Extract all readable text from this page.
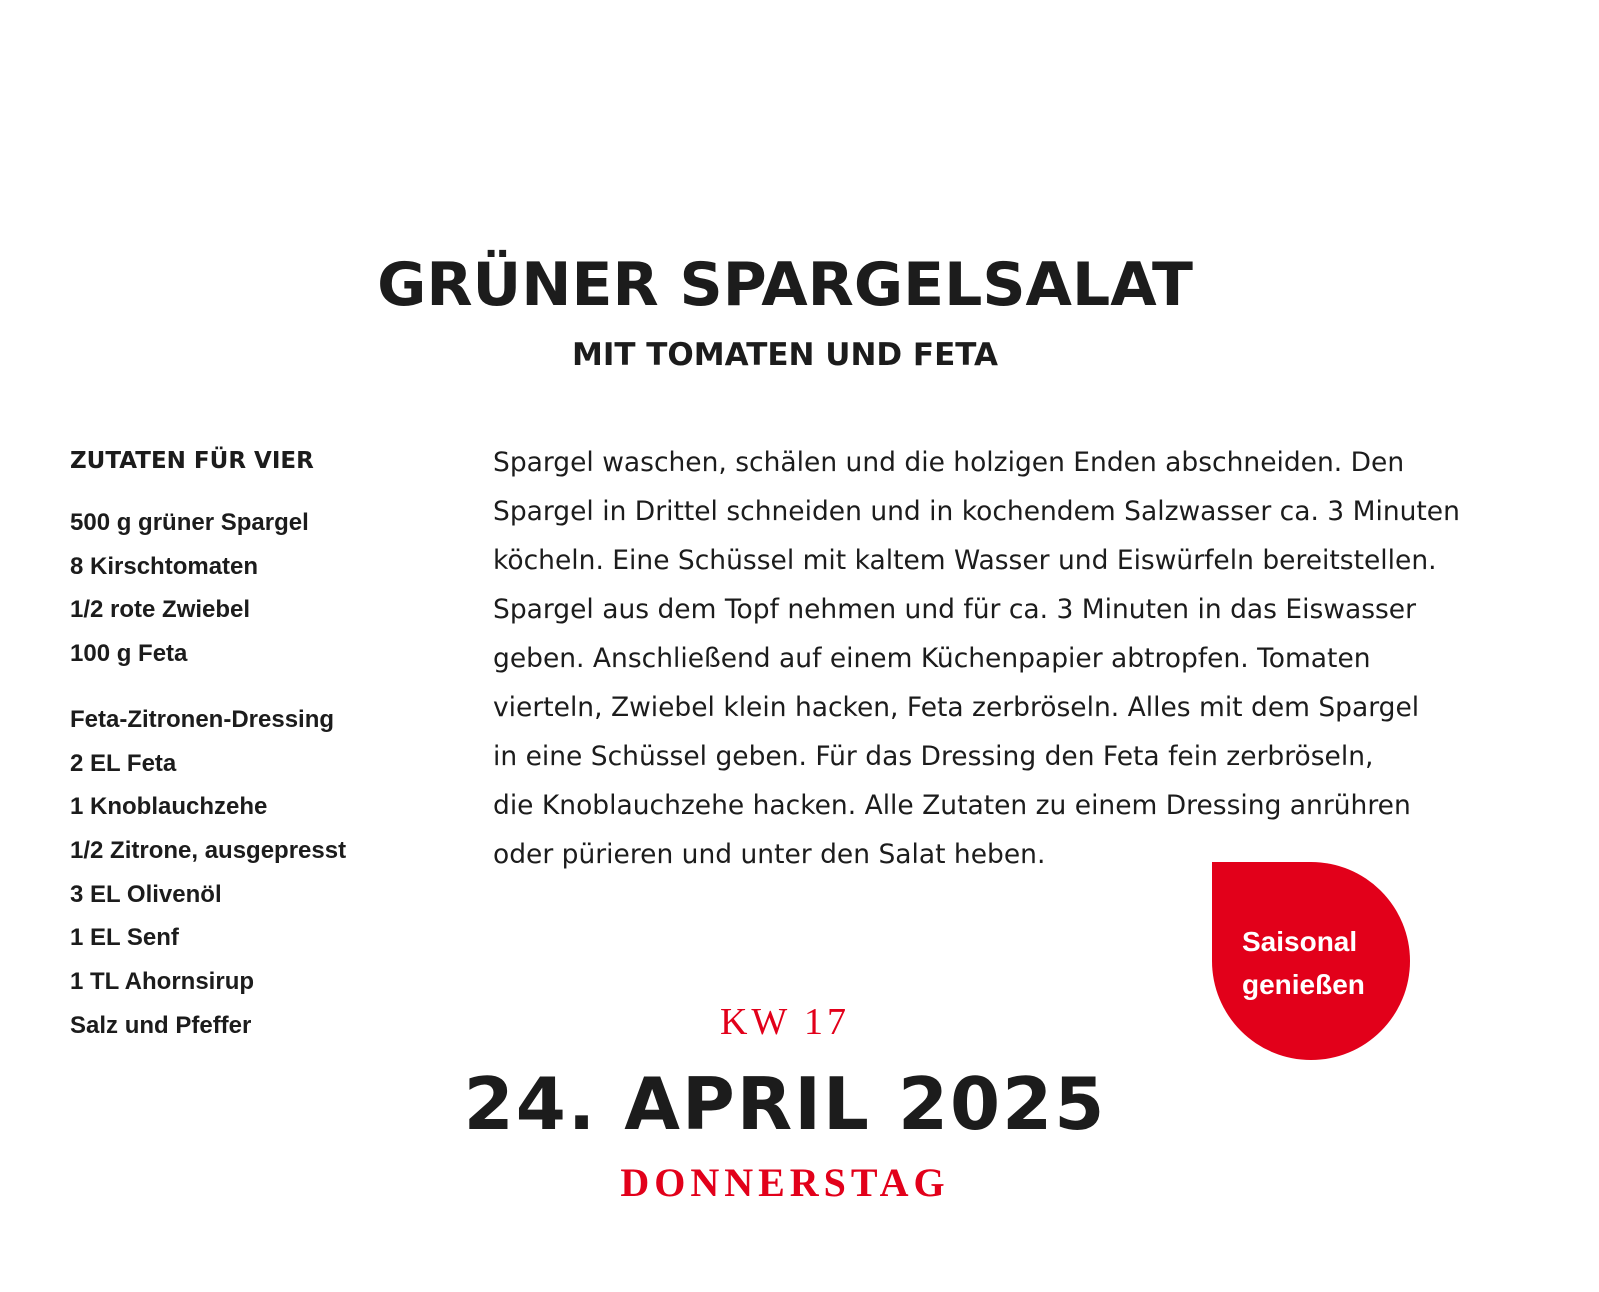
GRÜNER SPARGELSALAT
MIT TOMATEN UND FETA
ZUTATEN FÜR VIER
500 g grüner Spargel
8 Kirschtomaten
1/2 rote Zwiebel
100 g Feta
Feta-Zitronen-Dressing
2 EL Feta
1 Knoblauchzehe
1/2 Zitrone, ausgepresst
3 EL Olivenöl
1 EL Senf
1 TL Ahornsirup
Salz und Pfeffer

Spargel waschen, schälen und die holzigen Enden abschneiden. Den
Spargel in Drittel schneiden und in kochendem Salzwasser ca. 3 Minuten
köcheln. Eine Schüssel mit kaltem Wasser und Eiswürfeln bereitstellen.
Spargel aus dem Topf nehmen und für ca. 3 Minuten in das Eiswasser
geben. Anschließend auf einem Küchenpapier abtropfen. Tomaten
vierteln, Zwiebel klein hacken, Feta zerbröseln. Alles mit dem Spargel
in eine Schüssel geben. Für das Dressing den Feta fein zerbröseln,
die Knoblauchzehe hacken. Alle Zutaten zu einem Dressing anrühren
oder pürieren und unter den Salat heben.

Saisonal
genießen

KW 17
24. APRIL 2025
DONNERSTAG
